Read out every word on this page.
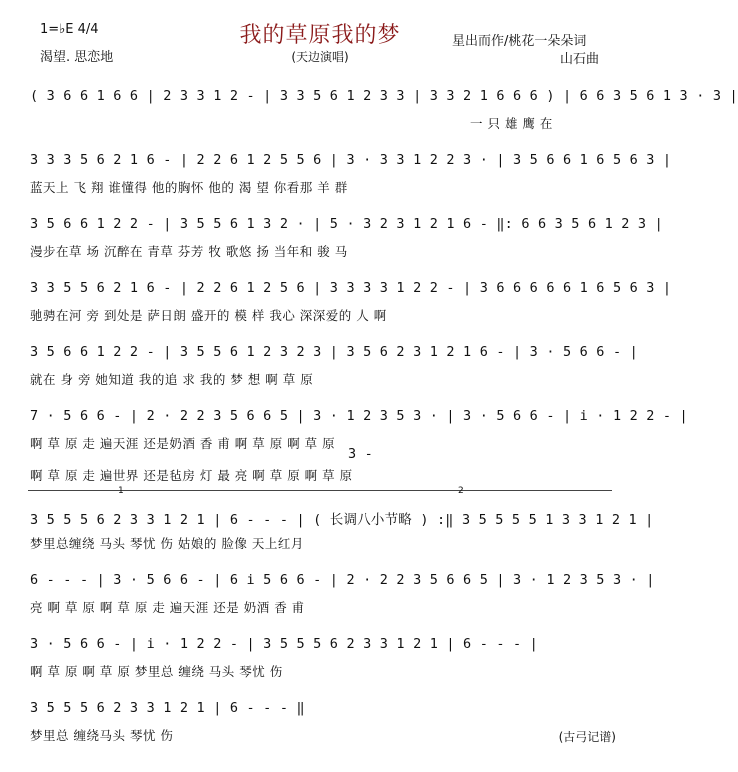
我的草原我的梦
1=♭E 4/4
渴望. 思恋地	(天边演唱)
星出而作/桃花一朵朵词
山石曲
( 3 6 6 1 6 6 | 2 3 3 1 2 - | 3 3 5 6 1 2 3 3 | 3 3 2 1 6 6 6 ) | 6 6 3 5 6 1 3 · 3 |
一 只 雄 鹰 在
3 3 3 5 6 2 1 6 - | 2 2 6 1 2 5 5 6 | 3 · 3 3 1 2 2 3 · | 3 5 6 6 1 6 5 6 3 |
蓝天上 飞 翔 谁懂得 他的胸怀 他的 渴 望 你看那 羊 群
3 5 6 6 1 2 2 - | 3 5 5 6 1 3 2 · | 5 · 3 2 3 1 2 1 6 - ‖: 6 6 3 5 6 1 2 3 |
漫步在草 场 沉醉在 青草 芬芳 牧 歌悠 扬 当年和 骏 马
3 3 5 5 6 2 1 6 - | 2 2 6 1 2 5 6 | 3 3 3 3 1 2 2 - | 3 6 6 6 6 6 1 6 5 6 3 |
驰骋在河 旁 到处是 萨日朗 盛开的 模 样 我心 深深爱的 人 啊
3 5 6 6 1 2 2 - | 3 5 5 6 1 2 3 2 3 | 3 5 6 2 3 1 2 1 6 - | 3 · 5 6 6 - |
就在 身 旁 她知道 我的追 求 我的 梦 想 啊 草 原
7 · 5 6 6 - | 2 · 2 2 3 5 6 6 5 | 3 · 1 2 3 5 3 · | 3 · 5 6 6 - | i · 1 2 2 - |
啊 草 原 走 遍天涯 还是奶酒 香 甫 啊 草 原 啊 草 原
3 -
啊 草 原 走 遍世界 还是毡房 灯 最 亮 啊 草 原 啊 草 原
1	2
3 5 5 5 6 2 3 3 1 2 1 | 6 - - - | ( 长调八小节略 ) :‖ 3 5 5 5 5 1 3 3 1 2 1 |
梦里总缠绕 马头 琴忧 伤 姑娘的 脸像 天上红月
6 - - - | 3 · 5 6 6 - | 6 i 5 6 6 - | 2 · 2 2 3 5 6 6 5 | 3 · 1 2 3 5 3 · |
亮 啊 草 原 啊 草 原 走 遍天涯 还是 奶酒 香 甫
3 · 5 6 6 - | i · 1 2 2 - | 3 5 5 5 6 2 3 3 1 2 1 | 6 - - - |
啊 草 原 啊 草 原 梦里总 缠绕 马头 琴忧 伤
3 5 5 5 6 2 3 3 1 2 1 | 6 - - - ‖
梦里总 缠绕马头 琴忧 伤	(古弓记谱)
